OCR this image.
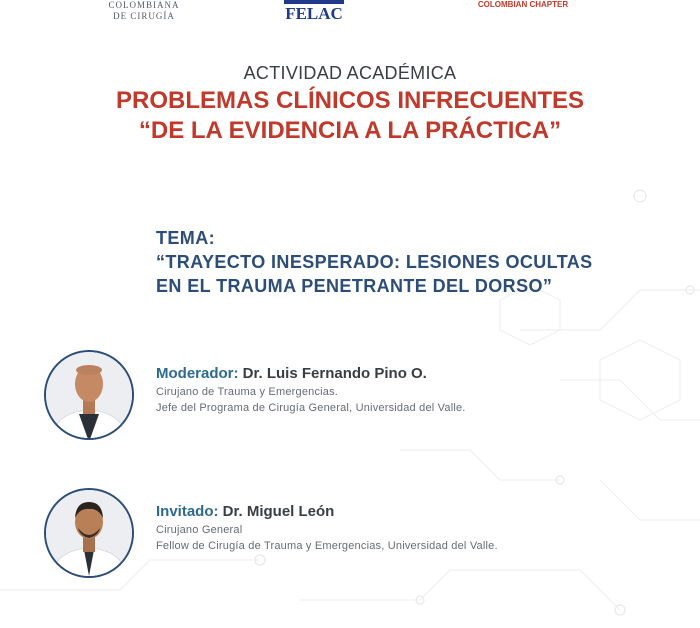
COLOMBIANA
DE CIRUGÍA	FELAC	COLOMBIAN CHAPTER
ACTIVIDAD ACADÉMICA
PROBLEMAS CLÍNICOS INFRECUENTES
“DE LA EVIDENCIA A LA PRÁCTICA”
TEMA:
“TRAYECTO INESPERADO: LESIONES OCULTAS
EN EL TRAUMA PENETRANTE DEL DORSO”
Moderador: Dr. Luis Fernando Pino O.
Cirujano de Trauma y Emergencias.
Jefe del Programa de Cirugía General, Universidad del Valle.
Invitado: Dr. Miguel León
Cirujano General
Fellow de Cirugía de Trauma y Emergencias, Universidad del Valle.
